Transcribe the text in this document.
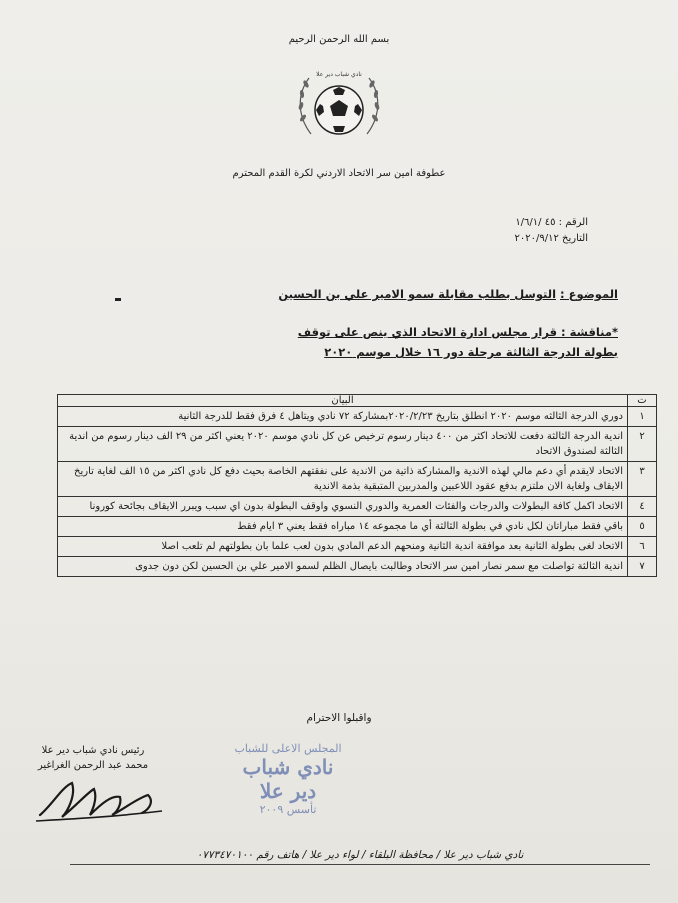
بسم الله الرحمن الرحيم
نادي شباب دير علا
عطوفة امين سر الاتحاد الاردني لكرة القدم المحترم
الرقم : ٤٥ /١/٦/١
التاريخ ٢٠٢٠/٩/١٢
الموضوع : التوسل بطلب مقابلة سمو الامير علي بن الحسين
*مناقشة : قرار مجلس ادارة الاتحاد الذي ينص على توقف
بطولة الدرجة الثالثة مرحلة دور ١٦ خلال موسم ٢٠٢٠
ت	البيان
١	دوري الدرجة الثالثه موسم ٢٠٢٠ انطلق بتاريخ ٢٠٢٠/٢/٢٣بمشاركة ٧٢ نادي ويتاهل ٤ فرق فقط للدرجة الثانية
٢	اندية الدرجة الثالثة دفعت للاتحاد اكثر من ٤٠٠ دينار رسوم ترخيص عن كل نادي موسم ٢٠٢٠ يعني اكثر من ٢٩ الف دينار رسوم من اندية الثالثة لصندوق الاتحاد
٣	الاتحاد لايقدم أي دعم مالي لهذه الاندية والمشاركة ذاتية من الاندية على نفقتهم الخاصة بحيث دفع كل نادي اكثر من ١٥ الف لغاية تاريخ الايقاف ولغاية الان ملتزم بدفع عقود اللاعبين والمدربين المتبقية بذمة الاندية
٤	الاتحاد اكمل كافة البطولات والدرجات والفئات العمرية والدوري النسوي واوقف البطولة بدون اي سبب ويبرر الايقاف بجائحة كورونا
٥	باقي فقط مباراتان لكل نادي في بطولة الثالثة أي ما مجموعه ١٤ مباراه فقط يعني ٣ ايام فقط
٦	الاتحاد لغى بطولة الثانية بعد موافقة اندية الثانية ومنحهم الدعم المادي بدون لعب علما بان بطولتهم لم تلعب اصلا
٧	اندية الثالثة تواصلت مع سمر نصار امين سر الاتحاد وطالبت بايصال الظلم لسمو الامير علي بن الحسين لكن دون جدوى
واقبلوا الاحترام
رئيس نادي شباب دير علا
محمد عبد الرحمن الغراغير
المجلس الاعلى للشباب
نادي شباب دير علا
تأسس ٢٠٠٩
نادي شباب دير علا / محافظة البلقاء / لواء دير علا / هاتف رقم ٠٧٧٣٤٧٠١٠٠
